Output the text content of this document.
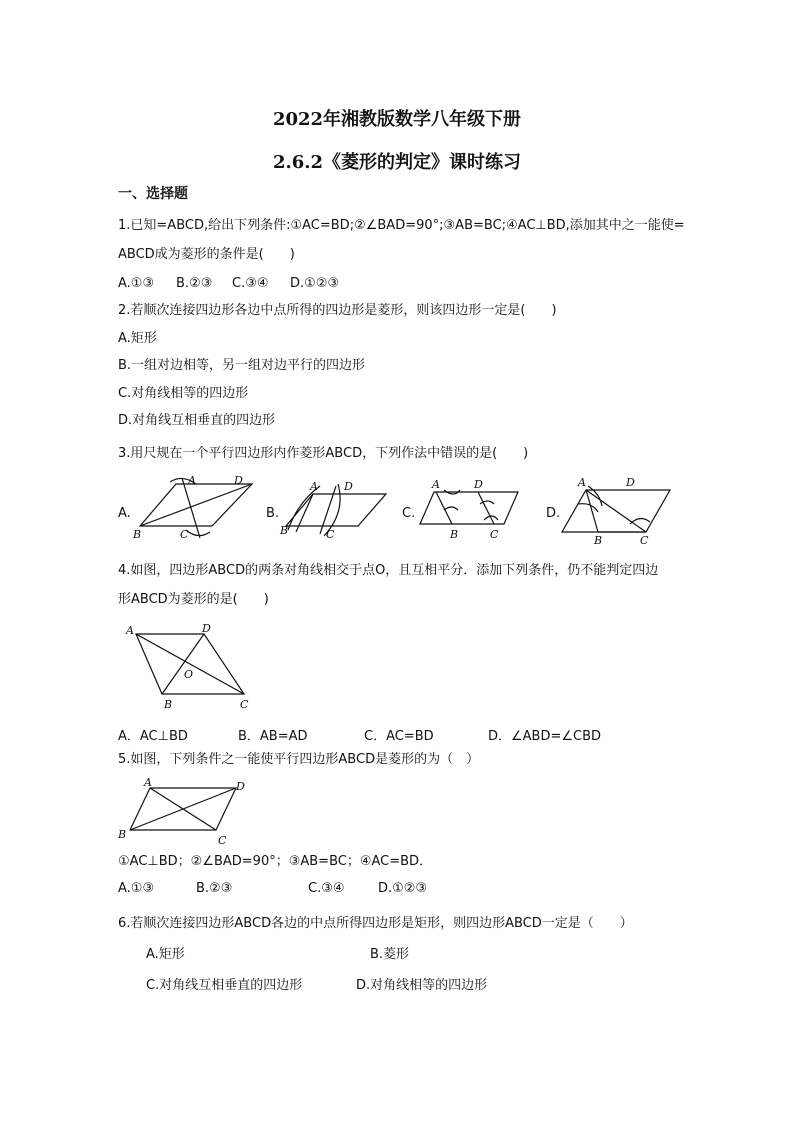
2022年湘教版数学八年级下册
2.6.2《菱形的判定》课时练习
一、选择题
1.已知=ABCD,给出下列条件:①AC=BD;②∠BAD=90°;③AB=BC;④AC⊥BD,添加其中之一能使=
ABCD成为菱形的条件是(　　)
A.①③ B.②③ C.③④ D.①②③
2.若顺次连接四边形各边中点所得的四边形是菱形，则该四边形一定是(　　)
A.矩形
B.一组对边相等，另一组对边平行的四边形
C.对角线相等的四边形
D.对角线互相垂直的四边形
3.用尺规在一个平行四边形内作菱形ABCD，下列作法中错误的是(　　)
A.	B.	C.	D.
A	D
B	C
A D
B	C
A	D
B	C
A	D
B	C
4.如图，四边形ABCD的两条对角线相交于点O，且互相平分．添加下列条件，仍不能判定四边
形ABCD为菱形的是(　　)
A	D
O
B	C
A．AC⊥BD	B．AB=AD	C．AC=BD	D．∠ABD=∠CBD
5.如图，下列条件之一能使平行四边形ABCD是菱形的为（　）
A	D
B	C
①AC⊥BD；②∠BAD=90°；③AB=BC；④AC=BD．
A.①③	B.②③	C.③④	D.①②③
6.若顺次连接四边形ABCD各边的中点所得四边形是矩形，则四边形ABCD一定是（　　）
A.矩形	B.菱形
C.对角线互相垂直的四边形	D.对角线相等的四边形
